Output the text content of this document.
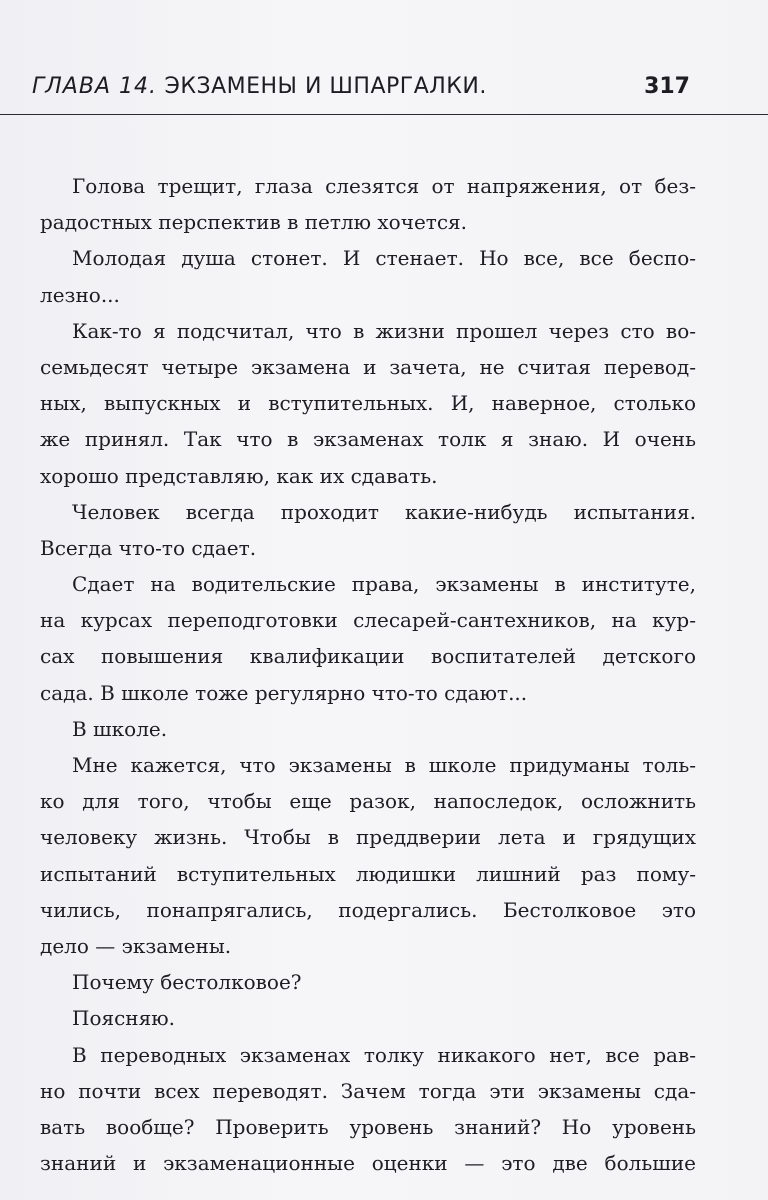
ГЛАВА 14. ЭКЗАМЕНЫ И ШПАРГАЛКИ.	317
Голова трещит, глаза слезятся от напряжения, от без-
радостных перспектив в петлю хочется.
Молодая душа стонет. И стенает. Но все, все беспо-
лезно...
Как-то я подсчитал, что в жизни прошел через сто во-
семьдесят четыре экзамена и зачета, не считая перевод-
ных, выпускных и вступительных. И, наверное, столько
же принял. Так что в экзаменах толк я знаю. И очень
хорошо представляю, как их сдавать.
Человек всегда проходит какие-нибудь испытания.
Всегда что-то сдает.
Сдает на водительские права, экзамены в институте,
на курсах переподготовки слесарей-сантехников, на кур-
сах повышения квалификации воспитателей детского
сада. В школе тоже регулярно что-то сдают...
В школе.
Мне кажется, что экзамены в школе придуманы толь-
ко для того, чтобы еще разок, напоследок, осложнить
человеку жизнь. Чтобы в преддверии лета и грядущих
испытаний вступительных людишки лишний раз пому-
чились, понапрягались, подергались. Бестолковое это
дело — экзамены.
Почему бестолковое?
Поясняю.
В переводных экзаменах толку никакого нет, все рав-
но почти всех переводят. Зачем тогда эти экзамены сда-
вать вообще? Проверить уровень знаний? Но уровень
знаний и экзаменационные оценки — это две большие
